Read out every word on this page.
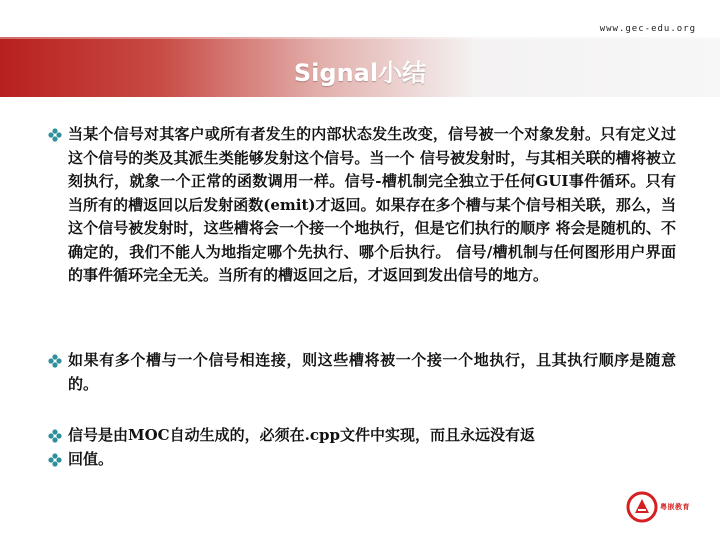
www.gec-edu.org
Signal小结
当某个信号对其客户或所有者发生的内部状态发生改变，信号被一个对象发射。只有定义过这个信号的类及其派生类能够发射这个信号。当一个 信号被发射时，与其相关联的槽将被立刻执行，就象一个正常的函数调用一样。信号-槽机制完全独立于任何GUI事件循环。只有当所有的槽返回以后发射函数(emit)才返回。如果存在多个槽与某个信号相关联，那么，当 这个信号被发射时，这些槽将会一个接一个地执行，但是它们执行的顺序 将会是随机的、不确定的，我们不能人为地指定哪个先执行、哪个后执行。 信号/槽机制与任何图形用户界面的事件循环完全无关。当所有的槽返回之后，才返回到发出信号的地方。
如果有多个槽与一个信号相连接，则这些槽将被一个接一个地执行，且其执行顺序是随意的。
信号是由MOC自动生成的，必须在.cpp文件中实现，而且永远没有返
回值。
粤嵌教育
